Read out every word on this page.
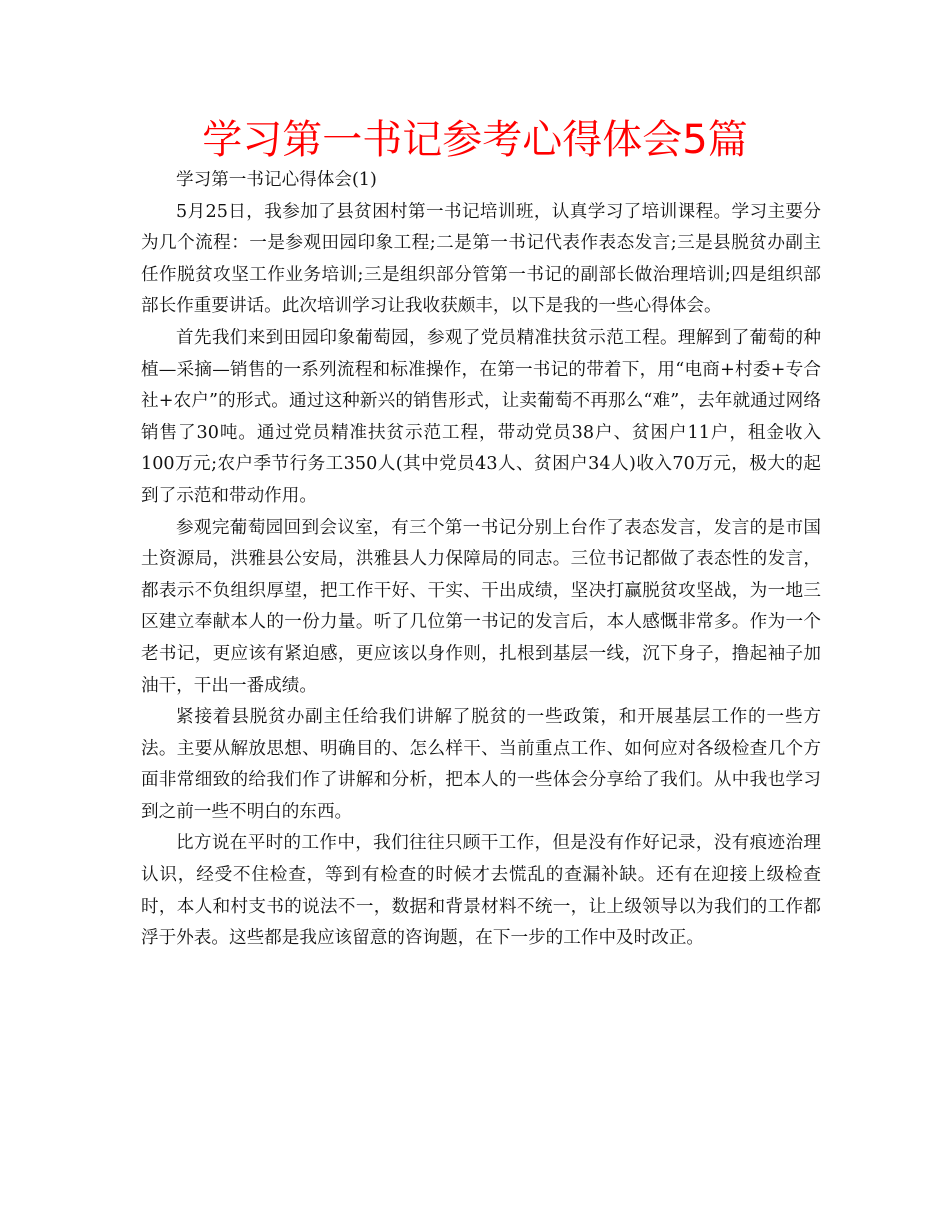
学习第一书记参考心得体会5篇

学习第一书记心得体会(1)

5月25日，我参加了县贫困村第一书记培训班，认真学习了培训课程。学习主要分为几个流程：一是参观田园印象工程;二是第一书记代表作表态发言;三是县脱贫办副主任作脱贫攻坚工作业务培训;三是组织部分管第一书记的副部长做治理培训;四是组织部部长作重要讲话。此次培训学习让我收获颇丰，以下是我的一些心得体会。

首先我们来到田园印象葡萄园，参观了党员精准扶贫示范工程。理解到了葡萄的种植—采摘—销售的一系列流程和标准操作，在第一书记的带着下，用“电商+村委+专合社+农户”的形式。通过这种新兴的销售形式，让卖葡萄不再那么“难”，去年就通过网络销售了30吨。通过党员精准扶贫示范工程，带动党员38户、贫困户11户，租金收入100万元;农户季节行务工350人(其中党员43人、贫困户34人)收入70万元，极大的起到了示范和带动作用。

参观完葡萄园回到会议室，有三个第一书记分别上台作了表态发言，发言的是市国土资源局，洪雅县公安局，洪雅县人力保障局的同志。三位书记都做了表态性的发言，都表示不负组织厚望，把工作干好、干实、干出成绩，坚决打赢脱贫攻坚战，为一地三区建立奉献本人的一份力量。听了几位第一书记的发言后，本人感慨非常多。作为一个老书记，更应该有紧迫感，更应该以身作则，扎根到基层一线，沉下身子，撸起袖子加油干，干出一番成绩。

紧接着县脱贫办副主任给我们讲解了脱贫的一些政策，和开展基层工作的一些方法。主要从解放思想、明确目的、怎么样干、当前重点工作、如何应对各级检查几个方面非常细致的给我们作了讲解和分析，把本人的一些体会分享给了我们。从中我也学习到之前一些不明白的东西。

比方说在平时的工作中，我们往往只顾干工作，但是没有作好记录，没有痕迹治理认识，经受不住检查，等到有检查的时候才去慌乱的查漏补缺。还有在迎接上级检查时，本人和村支书的说法不一，数据和背景材料不统一，让上级领导以为我们的工作都浮于外表。这些都是我应该留意的咨询题，在下一步的工作中及时改正。
